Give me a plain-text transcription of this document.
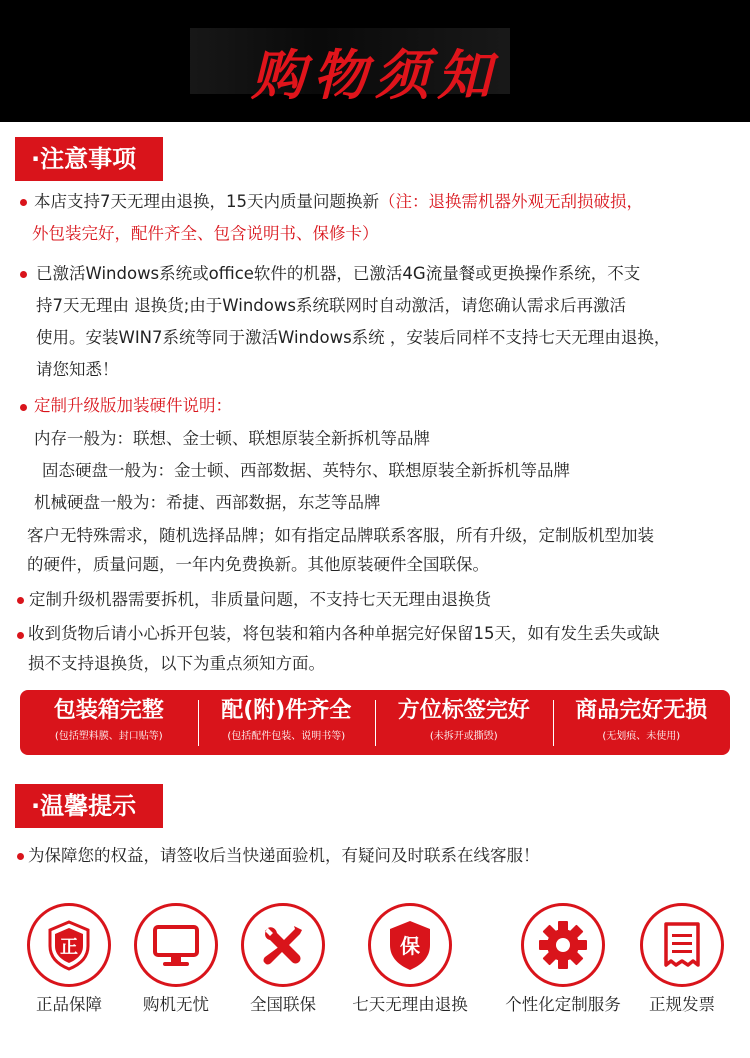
购物须知
·注意事项
本店支持7天无理由退换，15天内质量问题换新（注：退换需机器外观无刮损破损，
外包装完好，配件齐全、包含说明书、保修卡）
已激活Windows系统或office软件的机器，已激活4G流量餐或更换操作系统，不支
持7天无理由 退换货;由于Windows系统联网时自动激活，请您确认需求后再激活
使用。安装WIN7系统等同于激活Windows系统 ，安装后同样不支持七天无理由退换，
请您知悉！
定制升级版加装硬件说明：
内存一般为：联想、金士顿、联想原装全新拆机等品牌
固态硬盘一般为：金士顿、西部数据、英特尔、联想原装全新拆机等品牌
机械硬盘一般为：希捷、西部数据，东芝等品牌
客户无特殊需求，随机选择品牌；如有指定品牌联系客服，所有升级，定制版机型加装
的硬件，质量问题，一年内免费换新。其他原装硬件全国联保。
定制升级机器需要拆机，非质量问题，不支持七天无理由退换货
收到货物后请小心拆开包装，将包装和箱内各种单据完好保留15天，如有发生丢失或缺
损不支持退换货，以下为重点须知方面。
包装箱完整
(包括塑料膜、封口贴等)
配(附)件齐全
(包括配件包装、说明书等)
方位标签完好
(未拆开或撕毁)
商品完好无损
(无划痕、未使用)
·温馨提示
为保障您的权益，请签收后当快递面验机，有疑问及时联系在线客服！
正
正品保障	购机无忧	全国联保
保
七天无理由退换	个性化定制服务	正规发票
